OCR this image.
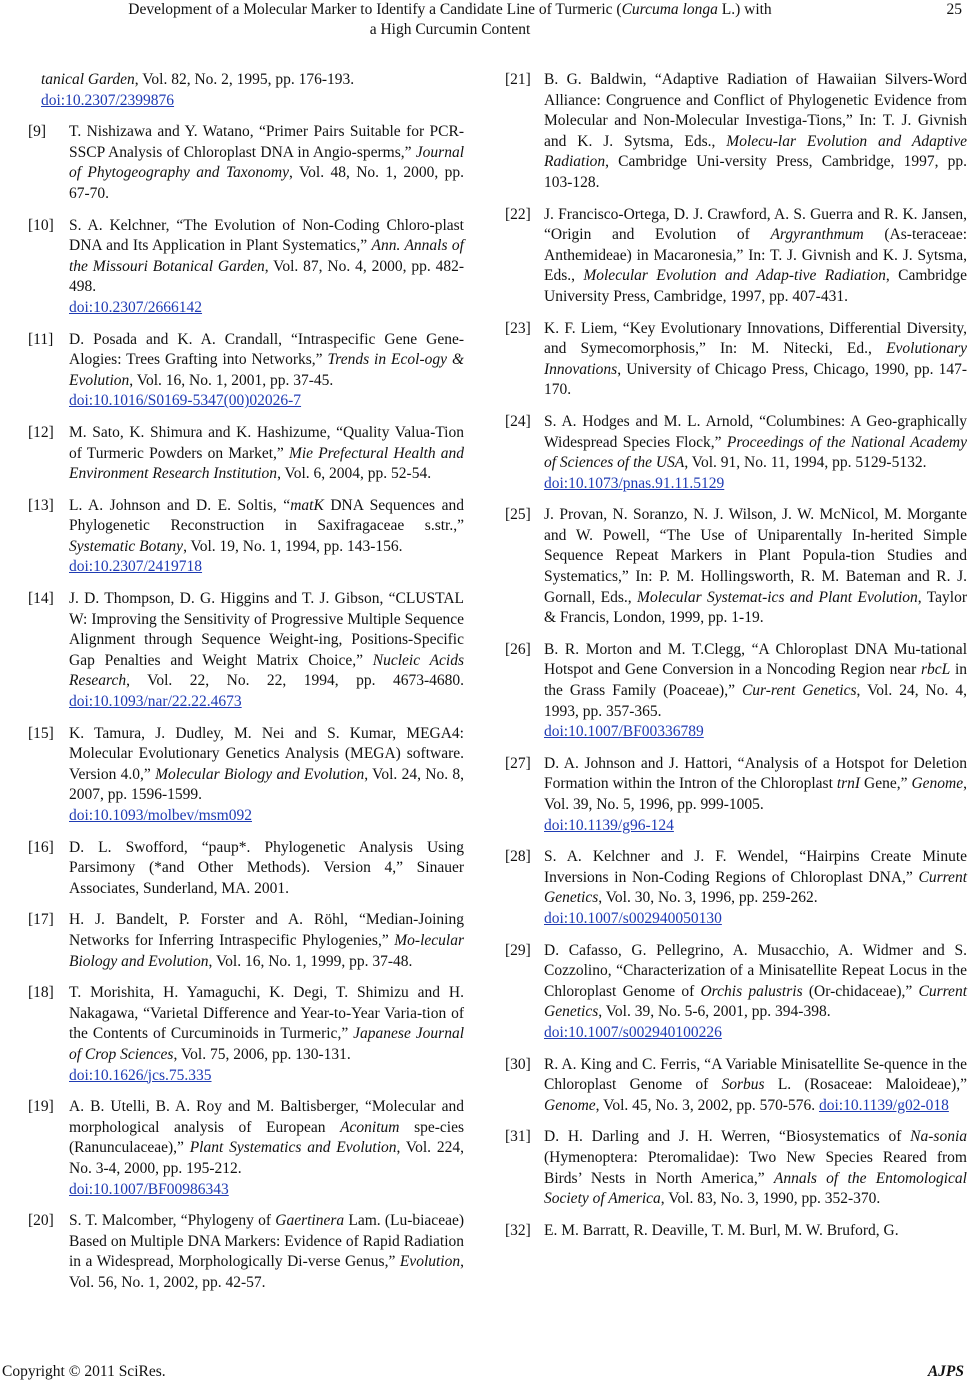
Development of a Molecular Marker to Identify a Candidate Line of Turmeric (Curcuma longa L.) with
a High Curcumin Content
25
tanical Garden, Vol. 82, No. 2, 1995, pp. 176-193.
doi:10.2307/2399876
[9]	T. Nishizawa and Y. Watano, “Primer Pairs Suitable for PCR-SSCP Analysis of Chloroplast DNA in Angio-sperms,” Journal of Phytogeography and Taxonomy, Vol. 48, No. 1, 2000, pp. 67-70.
[10] S. A. Kelchner, “The Evolution of Non-Coding Chloro-plast DNA and Its Application in Plant Systematics,” Ann. Annals of the Missouri Botanical Garden, Vol. 87, No. 4, 2000, pp. 482-498.
doi:10.2307/2666142
[11]	D. Posada and K. A. Crandall, “Intraspecific Gene Gene-Alogies: Trees Grafting into Networks,” Trends in Ecol-ogy & Evolution, Vol. 16, No. 1, 2001, pp. 37-45.
doi:10.1016/S0169-5347(00)02026-7
[12] M. Sato, K. Shimura and K. Hashizume, “Quality Valua-Tion of Turmeric Powders on Market,” Mie Prefectural Health and Environment Research Institution, Vol. 6, 2004, pp. 52-54.
[13] L. A. Johnson and D. E. Soltis, “matK DNA Sequences and Phylogenetic Reconstruction in Saxifragaceae s.str.,” Systematic Botany, Vol. 19, No. 1, 1994, pp. 143-156.
doi:10.2307/2419718
[14] J. D. Thompson, D. G. Higgins and T. J. Gibson, “CLUSTAL W: Improving the Sensitivity of Progressive Multiple Sequence Alignment through Sequence Weight-ing, Positions-Specific Gap Penalties and Weight Matrix Choice,” Nucleic Acids Research, Vol. 22, No. 22, 1994, pp. 4673-4680. doi:10.1093/nar/22.22.4673
[15] K. Tamura, J. Dudley, M. Nei and S. Kumar, MEGA4: Molecular Evolutionary Genetics Analysis (MEGA) software. Version 4.0,” Molecular Biology and Evolution, Vol. 24, No. 8, 2007, pp. 1596-1599.
doi:10.1093/molbev/msm092
[16] D. L. Swofford, “paup*. Phylogenetic Analysis Using Parsimony (*and Other Methods). Version 4,” Sinauer Associates, Sunderland, MA. 2001.
[17] H. J. Bandelt, P. Forster and A. Röhl, “Median-Joining Networks for Inferring Intraspecific Phylogenies,” Mo-lecular Biology and Evolution, Vol. 16, No. 1, 1999, pp. 37-48.
[18] T. Morishita, H. Yamaguchi, K. Degi, T. Shimizu and H. Nakagawa, “Varietal Difference and Year-to-Year Varia-tion of the Contents of Curcuminoids in Turmeric,” Japanese Journal of Crop Sciences, Vol. 75, 2006, pp. 130-131.
doi:10.1626/jcs.75.335
[19] A. B. Utelli, B. A. Roy and M. Baltisberger, “Molecular and morphological analysis of European Aconitum spe-cies (Ranunculaceae),” Plant Systematics and Evolution, Vol. 224, No. 3-4, 2000, pp. 195-212.
doi:10.1007/BF00986343
[20] S. T. Malcomber, “Phylogeny of Gaertinera Lam. (Lu-biaceae) Based on Multiple DNA Markers: Evidence of Rapid Radiation in a Widespread, Morphologically Di-verse Genus,” Evolution, Vol. 56, No. 1, 2002, pp. 42-57.
[21] B. G. Baldwin, “Adaptive Radiation of Hawaiian Silvers-Word Alliance: Congruence and Conflict of Phylogenetic Evidence from Molecular and Non-Molecular Investiga-Tions,” In: T. J. Givnish and K. J. Sytsma, Eds., Molecu-lar Evolution and Adaptive Radiation, Cambridge Uni-versity Press, Cambridge, 1997, pp. 103-128.
[22] J. Francisco-Ortega, D. J. Crawford, A. S. Guerra and R. K. Jansen, “Origin and Evolution of Argyranthmum (As-teraceae: Anthemideae) in Macaronesia,” In: T. J. Givnish and K. J. Sytsma, Eds., Molecular Evolution and Adap-tive Radiation, Cambridge University Press, Cambridge, 1997, pp. 407-431.
[23] K. F. Liem, “Key Evolutionary Innovations, Differential Diversity, and Symecomorphosis,” In: M. Nitecki, Ed., Evolutionary Innovations, University of Chicago Press, Chicago, 1990, pp. 147-170.
[24] S. A. Hodges and M. L. Arnold, “Columbines: A Geo-graphically Widespread Species Flock,” Proceedings of the National Academy of Sciences of the USA, Vol. 91, No. 11, 1994, pp. 5129-5132.
doi:10.1073/pnas.91.11.5129
[25] J. Provan, N. Soranzo, N. J. Wilson, J. W. McNicol, M. Morgante and W. Powell, “The Use of Uniparentally In-herited Simple Sequence Repeat Markers in Plant Popula-tion Studies and Systematics,” In: P. M. Hollingsworth, R. M. Bateman and R. J. Gornall, Eds., Molecular Systemat-ics and Plant Evolution, Taylor & Francis, London, 1999, pp. 1-19.
[26] B. R. Morton and M. T.Clegg, “A Chloroplast DNA Mu-tational Hotspot and Gene Conversion in a Noncoding Region near rbcL in the Grass Family (Poaceae),” Cur-rent Genetics, Vol. 24, No. 4, 1993, pp. 357-365.
doi:10.1007/BF00336789
[27] D. A. Johnson and J. Hattori, “Analysis of a Hotspot for Deletion Formation within the Intron of the Chloroplast trnI Gene,” Genome, Vol. 39, No. 5, 1996, pp. 999-1005.
doi:10.1139/g96-124
[28] S. A. Kelchner and J. F. Wendel, “Hairpins Create Minute Inversions in Non-Coding Regions of Chloroplast DNA,” Current Genetics, Vol. 30, No. 3, 1996, pp. 259-262.
doi:10.1007/s002940050130
[29] D. Cafasso, G. Pellegrino, A. Musacchio, A. Widmer and S. Cozzolino, “Characterization of a Minisatellite Repeat Locus in the Chloroplast Genome of Orchis palustris (Or-chidaceae),” Current Genetics, Vol. 39, No. 5-6, 2001, pp. 394-398.
doi:10.1007/s002940100226
[30] R. A. King and C. Ferris, “A Variable Minisatellite Se-quence in the Chloroplast Genome of Sorbus L. (Rosaceae: Maloideae),” Genome, Vol. 45, No. 3, 2002, pp. 570-576. doi:10.1139/g02-018
[31] D. H. Darling and J. H. Werren, “Biosystematics of Na-sonia (Hymenoptera: Pteromalidae): Two New Species Reared from Birds’ Nests in North America,” Annals of the Entomological Society of America, Vol. 83, No. 3, 1990, pp. 352-370.
[32] E. M. Barratt, R. Deaville, T. M. Burl, M. W. Bruford, G.
Copyright © 2011 SciRes.	AJPS
